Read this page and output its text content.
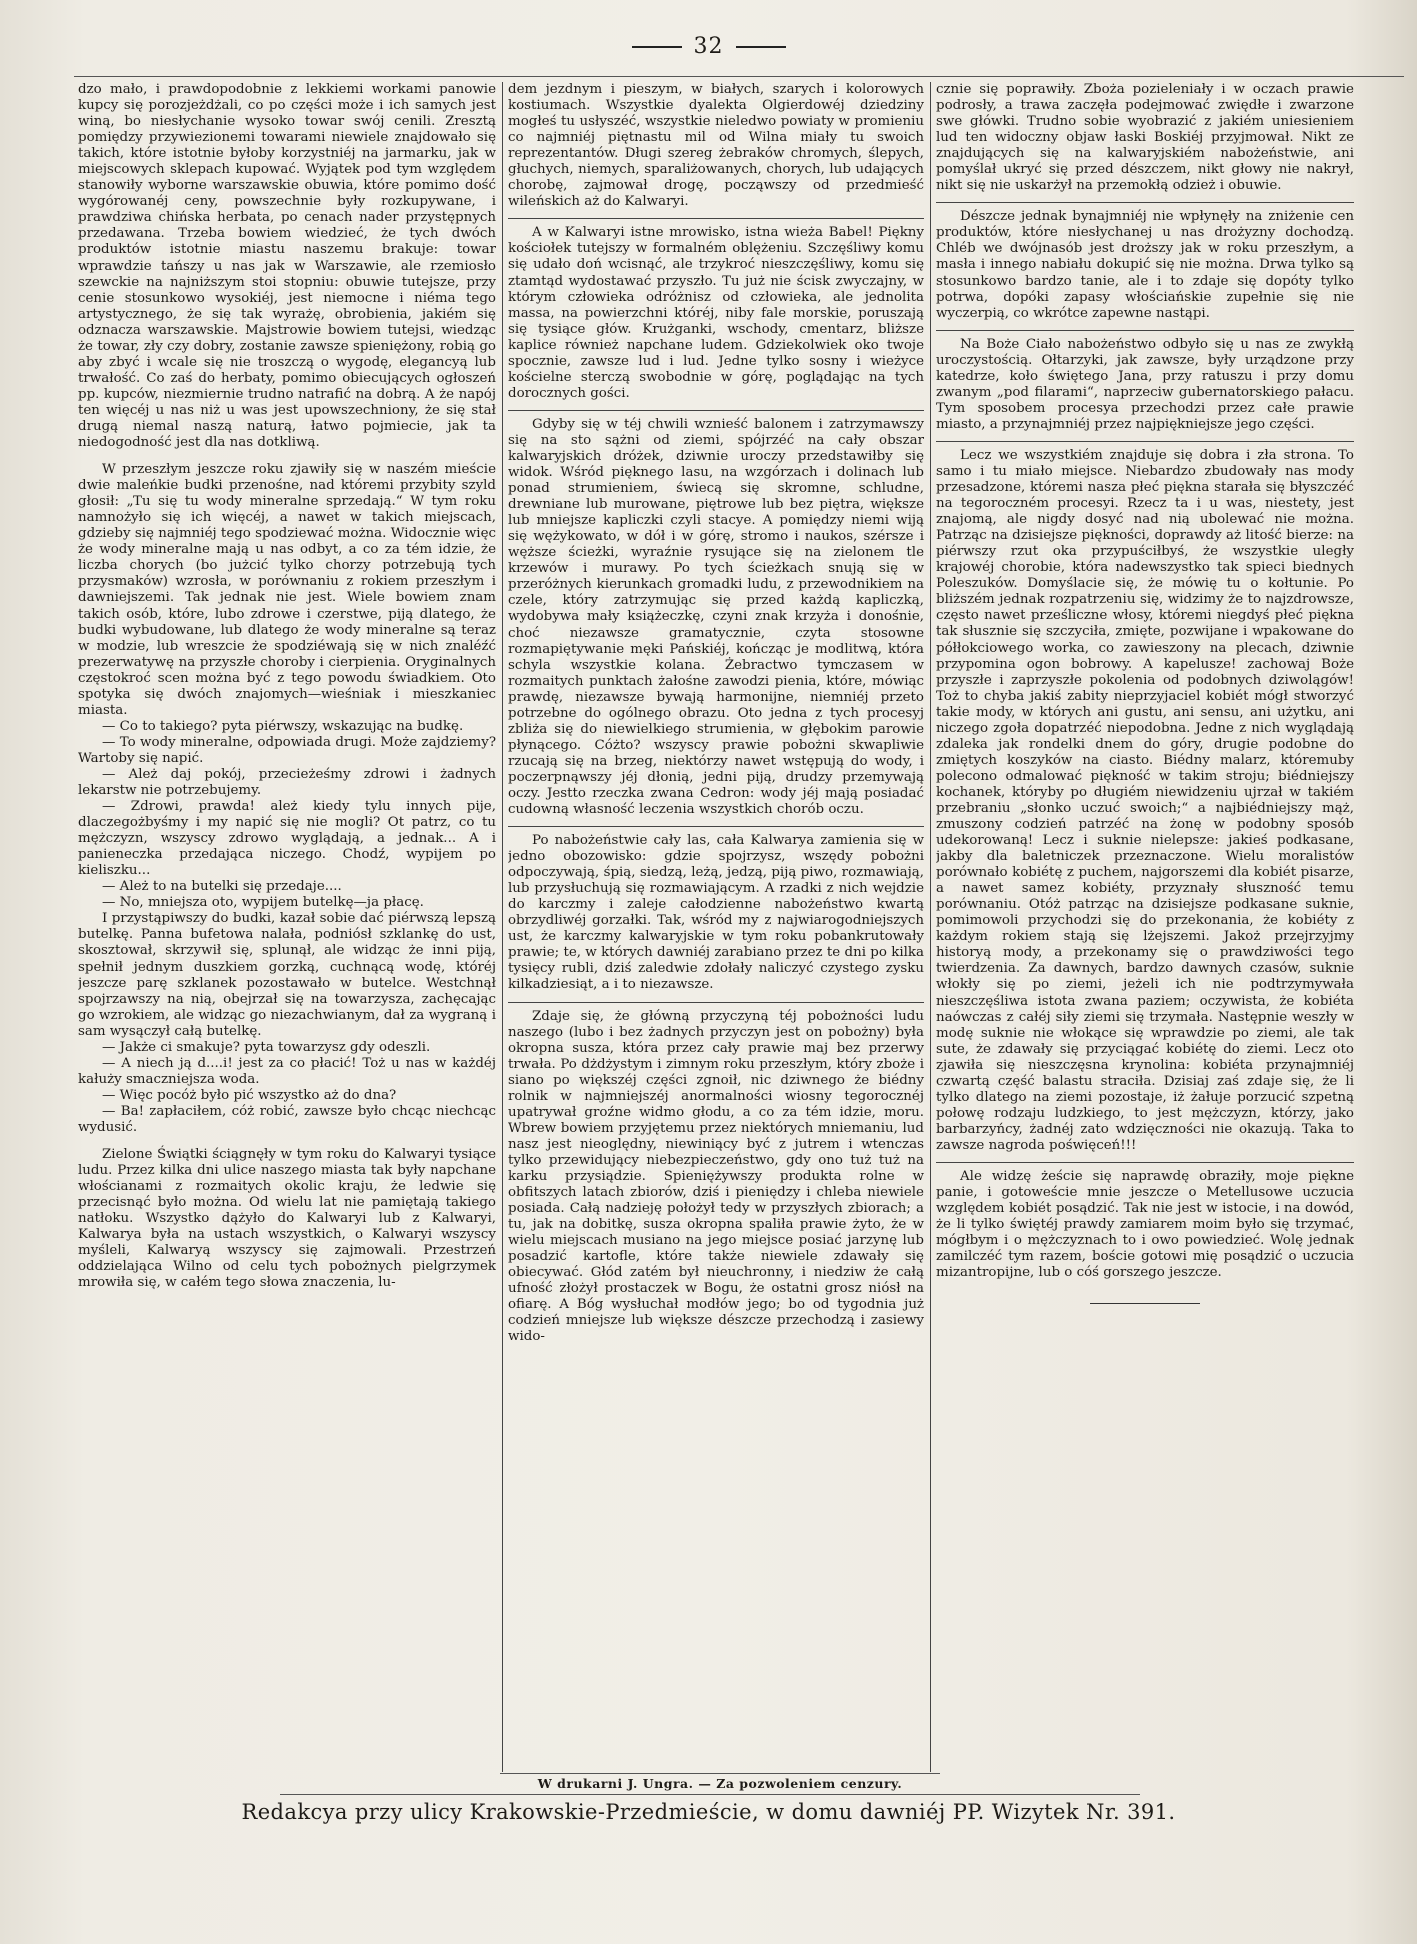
32

dzo mało, i prawdopodobnie z lekkiemi workami panowie kupcy się porozjeżdżali, co po części może i ich samych jest winą, bo niesłychanie wysoko towar swój cenili. Zresztą pomiędzy przywiezionemi towarami niewiele znajdowało się takich, które istotnie byłoby korzystniéj na jarmarku, jak w miejscowych sklepach kupować. Wyjątek pod tym względem stanowiły wyborne warszawskie obuwia, które pomimo dość wygórowanéj ceny, powszechnie były rozkupywane, i prawdziwa chińska herbata, po cenach nader przystępnych przedawana. Trzeba bowiem wiedzieć, że tych dwóch produktów istotnie miastu naszemu brakuje: towar wprawdzie tańszy u nas jak w Warszawie, ale rzemiosło szewckie na najniższym stoi stopniu: obuwie tutejsze, przy cenie stosunkowo wysokiéj, jest niemocne i niéma tego artystycznego, że się tak wyrażę, obrobienia, jakiém się odznacza warszawskie. Majstrowie bowiem tutejsi, wiedząc że towar, zły czy dobry, zostanie zawsze spieniężony, robią go aby zbyć i wcale się nie troszczą o wygodę, elegancyą lub trwałość. Co zaś do herbaty, pomimo obiecujących ogłoszeń pp. kupców, niezmiernie trudno natrafić na dobrą. A że napój ten więcéj u nas niż u was jest upowszechniony, że się stał drugą niemal naszą naturą, łatwo pojmiecie, jak ta niedogodność jest dla nas dotkliwą.

W przeszłym jeszcze roku zjawiły się w naszém mieście dwie maleńkie budki przenośne, nad któremi przybity szyld głosił: „Tu się tu wody mineralne sprzedają.“ W tym roku namnożyło się ich więcéj, a nawet w takich miejscach, gdzieby się najmniéj tego spodziewać można. Widocznie więc że wody mineralne mają u nas odbyt, a co za tém idzie, że liczba chorych (bo jużcić tylko chorzy potrzebują tych przysmaków) wzrosła, w porównaniu z rokiem przeszłym i dawniejszemi. Tak jednak nie jest. Wiele bowiem znam takich osób, które, lubo zdrowe i czerstwe, piją dlatego, że budki wybudowane, lub dlatego że wody mineralne są teraz w modzie, lub wreszcie że spodziéwają się w nich znaléźć prezerwatywę na przyszłe choroby i cierpienia. Oryginalnych częstokroć scen można być z tego powodu świadkiem. Oto spotyka się dwóch znajomych—wieśniak i mieszkaniec miasta.

— Co to takiego? pyta piérwszy, wskazując na budkę.

— To wody mineralne, odpowiada drugi. Może zajdziemy? Wartoby się napić.

— Ależ daj pokój, przecieżeśmy zdrowi i żadnych lekarstw nie potrzebujemy.

— Zdrowi, prawda! ależ kiedy tylu innych pije, dlaczegożbyśmy i my napić się nie mogli? Ot patrz, co tu mężczyzn, wszyscy zdrowo wyglądają, a jednak... A i panieneczka przedająca niczego. Chodź, wypijem po kieliszku...

— Ależ to na butelki się przedaje....

— No, mniejsza oto, wypijem butelkę—ja płacę.

I przystąpiwszy do budki, kazał sobie dać piérwszą lepszą butelkę. Panna bufetowa nalała, podniósł szklankę do ust, skosztował, skrzywił się, splunął, ale widząc że inni piją, spełnił jednym duszkiem gorzką, cuchnącą wodę, któréj jeszcze parę szklanek pozostawało w butelce. Westchnął spojrzawszy na nią, obejrzał się na towarzysza, zachęcając go wzrokiem, ale widząc go niezachwianym, dał za wygraną i sam wysączył całą butelkę.

— Jakże ci smakuje? pyta towarzysz gdy odeszli.

— A niech ją d....i! jest za co płacić! Toż u nas w każdéj kałuży smaczniejsza woda.

— Więc pocóż było pić wszystko aż do dna?

— Ba! zapłaciłem, cóż robić, zawsze było chcąc niechcąc wydusić.

Zielone Świątki ściągnęły w tym roku do Kalwaryi tysiące ludu. Przez kilka dni ulice naszego miasta tak były napchane włościanami z rozmaitych okolic kraju, że ledwie się przecisnąć było można. Od wielu lat nie pamiętają takiego natłoku. Wszystko dążyło do Kalwaryi lub z Kalwaryi, Kalwarya była na ustach wszystkich, o Kalwaryi wszyscy myśleli, Kalwaryą wszyscy się zajmowali. Przestrzeń oddzielająca Wilno od celu tych pobożnych pielgrzymek mrowiła się, w całém tego słowa znaczenia, lu-

dem jezdnym i pieszym, w białych, szarych i kolorowych kostiumach. Wszystkie dyalekta Olgierdowéj dziedziny mogłeś tu usłyszéć, wszystkie nieledwo powiaty w promieniu co najmniéj piętnastu mil od Wilna miały tu swoich reprezentantów. Długi szereg żebraków chromych, ślepych, głuchych, niemych, sparaliżowanych, chorych, lub udających chorobę, zajmował drogę, począwszy od przedmieść wileńskich aż do Kalwaryi.

A w Kalwaryi istne mrowisko, istna wieża Babel! Piękny kościołek tutejszy w formalném oblężeniu. Szczęśliwy komu się udało doń wcisnąć, ale trzykroć nieszczęśliwy, komu się ztamtąd wydostawać przyszło. Tu już nie ścisk zwyczajny, w którym człowieka odróżnisz od człowieka, ale jednolita massa, na powierzchni któréj, niby fale morskie, poruszają się tysiące głów. Krużganki, wschody, cmentarz, bliższe kaplice również napchane ludem. Gdziekolwiek oko twoje spocznie, zawsze lud i lud. Jedne tylko sosny i wieżyce kościelne sterczą swobodnie w górę, poglądając na tych dorocznych gości.

Gdyby się w téj chwili wznieść balonem i zatrzymawszy się na sto sążni od ziemi, spójrzéć na cały obszar kalwaryjskich dróżek, dziwnie uroczy przedstawiłby się widok. Wśród pięknego lasu, na wzgórzach i dolinach lub ponad strumieniem, świecą się skromne, schludne, drewniane lub murowane, piętrowe lub bez piętra, większe lub mniejsze kapliczki czyli stacye. A pomiędzy niemi wiją się wężykowato, w dół i w górę, stromo i naukos, szérsze i węższe ścieżki, wyraźnie rysujące się na zielonem tle krzewów i murawy. Po tych ścieżkach snują się w przeróżnych kierunkach gromadki ludu, z przewodnikiem na czele, który zatrzymując się przed każdą kapliczką, wydobywa mały książeczkę, czyni znak krzyża i donośnie, choć niezawsze gramatycznie, czyta stosowne rozmapiętywanie męki Pańskiéj, kończąc je modlitwą, która schyla wszystkie kolana. Żebractwo tymczasem w rozmaitych punktach żałośne zawodzi pienia, które, mówiąc prawdę, niezawsze bywają harmonijne, niemniéj przeto potrzebne do ogólnego obrazu. Oto jedna z tych procesyj zbliża się do niewielkiego strumienia, w głębokim parowie płynącego. Cóżto? wszyscy prawie pobożni skwapliwie rzucają się na brzeg, niektórzy nawet wstępują do wody, i poczerpnąwszy jéj dłonią, jedni piją, drudzy przemywają oczy. Jestto rzeczka zwana Cedron: wody jéj mają posiadać cudowną własność leczenia wszystkich chorób oczu.

Po nabożeństwie cały las, cała Kalwarya zamienia się w jedno obozowisko: gdzie spojrzysz, wszędy pobożni odpoczywają, śpią, siedzą, leżą, jedzą, piją piwo, rozmawiają, lub przysłuchują się rozmawiającym. A rzadki z nich wejdzie do karczmy i zaleje całodzienne nabożeństwo kwartą obrzydliwéj gorzałki. Tak, wśród my z najwiarogodniejszych ust, że karczmy kalwaryjskie w tym roku pobankrutowały prawie; te, w których dawniéj zarabiano przez te dni po kilka tysięcy rubli, dziś zaledwie zdołały naliczyć czystego zysku kilkadziesiąt, a i to niezawsze.

Zdaje się, że główną przyczyną téj pobożności ludu naszego (lubo i bez żadnych przyczyn jest on pobożny) była okropna susza, która przez cały prawie maj bez przerwy trwała. Po dżdżystym i zimnym roku przeszłym, który zboże i siano po większéj części zgnoił, nic dziwnego że biédny rolnik w najmniejszéj anormalności wiosny tegorocznéj upatrywał groźne widmo głodu, a co za tém idzie, moru. Wbrew bowiem przyjętemu przez niektórych mniemaniu, lud nasz jest nieoględny, niewiniący być z jutrem i wtenczas tylko przewidujący niebezpieczeństwo, gdy ono tuż tuż na karku przysiądzie. Spieniężywszy produkta rolne w obfitszych latach zbiorów, dziś i pieniędzy i chleba niewiele posiada. Całą nadzieję położył tedy w przyszłych zbiorach; a tu, jak na dobitkę, susza okropna spaliła prawie żyto, że w wielu miejscach musiano na jego miejsce posiać jarzynę lub posadzić kartofle, które także niewiele zdawały się obiecywać. Głód zatém był nieuchronny, i niedziw że całą ufność złożył prostaczek w Bogu, że ostatni grosz niósł na ofiarę. A Bóg wysłuchał modłów jego; bo od tygodnia już codzień mniejsze lub większe dészcze przechodzą i zasiewy wido-

cznie się poprawiły. Zboża pozieleniały i w oczach prawie podrosły, a trawa zaczęła podejmować zwiędłe i zwarzone swe główki. Trudno sobie wyobrazić z jakiém uniesieniem lud ten widoczny objaw łaski Boskiéj przyjmował. Nikt ze znajdujących się na kalwaryjskiém nabożeństwie, ani pomyślał ukryć się przed dészczem, nikt głowy nie nakrył, nikt się nie uskarżył na przemokłą odzież i obuwie.

Dészcze jednak bynajmniéj nie wpłynęły na zniżenie cen produktów, które niesłychanej u nas drożyzny dochodzą. Chléb we dwójnasób jest droższy jak w roku przeszłym, a masła i innego nabiału dokupić się nie można. Drwa tylko są stosunkowo bardzo tanie, ale i to zdaje się dopóty tylko potrwa, dopóki zapasy włościańskie zupełnie się nie wyczerpią, co wkrótce zapewne nastąpi.

Na Boże Ciało nabożeństwo odbyło się u nas ze zwykłą uroczystością. Ołtarzyki, jak zawsze, były urządzone przy katedrze, koło świętego Jana, przy ratuszu i przy domu zwanym „pod filarami“, naprzeciw gubernatorskiego pałacu. Tym sposobem procesya przechodzi przez całe prawie miasto, a przynajmniéj przez najpiękniejsze jego części.

Lecz we wszystkiém znajduje się dobra i zła strona. To samo i tu miało miejsce. Niebardzo zbudowały nas mody przesadzone, któremi nasza płeć piękna starała się błyszczéć na tegoroczném procesyi. Rzecz ta i u was, niestety, jest znajomą, ale nigdy dosyć nad nią ubolewać nie można. Patrząc na dzisiejsze piękności, doprawdy aż litość bierze: na piérwszy rzut oka przypuściłbyś, że wszystkie uległy krajowéj chorobie, która nadewszystko tak spieci biednych Poleszuków. Domyślacie się, że mówię tu o kołtunie. Po bliższém jednak rozpatrzeniu się, widzimy że to najzdrowsze, często nawet prześliczne włosy, któremi niegdyś płeć piękna tak słusznie się szczyciła, zmięte, pozwijane i wpakowane do półłokciowego worka, co zawieszony na plecach, dziwnie przypomina ogon bobrowy. A kapelusze! zachowaj Boże przyszłe i zaprzyszłe pokolenia od podobnych dziwolągów! Toż to chyba jakiś zabity nieprzyjaciel kobiét mógł stworzyć takie mody, w których ani gustu, ani sensu, ani użytku, ani niczego zgoła dopatrzéć niepodobna. Jedne z nich wyglądają zdaleka jak rondelki dnem do góry, drugie podobne do zmiętych koszyków na ciasto. Biédny malarz, któremuby polecono odmalować piękność w takim stroju; biédniejszy kochanek, któryby po długiém niewidzeniu ujrzał w takiém przebraniu „słonko uczuć swoich;“ a najbiédniejszy mąż, zmuszony codzień patrzéć na żonę w podobny sposób udekorowaną! Lecz i suknie nielepsze: jakieś podkasane, jakby dla baletniczek przeznaczone. Wielu moralistów porównało kobiétę z puchem, najgorszemi dla kobiét pisarze, a nawet samez kobiéty, przyznały słuszność temu porównaniu. Otóż patrząc na dzisiejsze podkasane suknie, pomimowoli przychodzi się do przekonania, że kobiéty z każdym rokiem stają się lżejszemi. Jakoż przejrzyjmy historyą mody, a przekonamy się o prawdziwości tego twierdzenia. Za dawnych, bardzo dawnych czasów, suknie włokły się po ziemi, jeżeli ich nie podtrzymywała nieszczęśliwa istota zwana paziem; oczywista, że kobiéta naówczas z całéj siły ziemi się trzymała. Następnie weszły w modę suknie nie włokące się wprawdzie po ziemi, ale tak sute, że zdawały się przyciągać kobiétę do ziemi. Lecz oto zjawiła się nieszczęsna krynolina: kobiéta przynajmniéj czwartą część balastu straciła. Dzisiaj zaś zdaje się, że li tylko dlatego na ziemi pozostaje, iż żałuje porzucić szpetną połowę rodzaju ludzkiego, to jest mężczyzn, którzy, jako barbarzyńcy, żadnéj zato wdzięczności nie okazują. Taka to zawsze nagroda poświęceń!!!

Ale widzę żeście się naprawdę obraziły, moje piękne panie, i gotoweście mnie jeszcze o Metellusowe uczucia względem kobiét posądzić. Tak nie jest w istocie, i na dowód, że li tylko świętéj prawdy zamiarem moim było się trzymać, mógłbym i o mężczyznach to i owo powiedzieć. Wolę jednak zamilczéć tym razem, boście gotowi mię posądzić o uczucia mizantropijne, lub o cóś gorszego jeszcze.

W drukarni J. Ungra. — Za pozwoleniem cenzury.
Redakcya przy ulicy Krakowskie-Przedmieście, w domu dawniéj PP. Wizytek Nr. 391.
